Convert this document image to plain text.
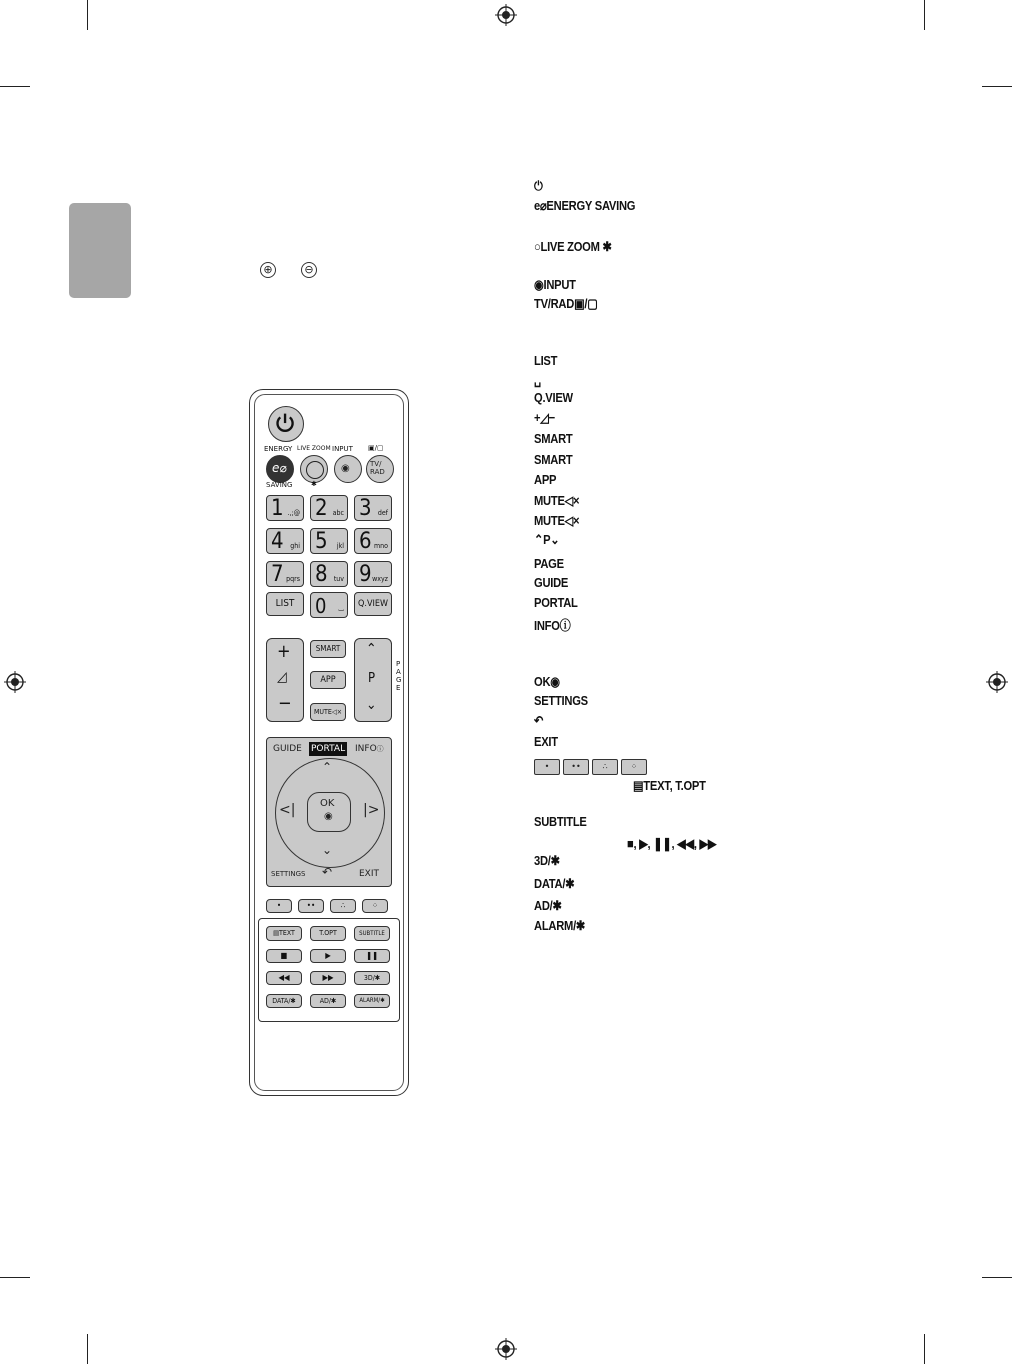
⊕	⊖
ENERGY LIVE ZOOM INPUT ▣/▢
e⌀	◉	TV/
RAD
SAVING	✱
LIST	0 ⌴	Q.VIEW
+
◿
−
SMART
APP
MUTE◁×
⌃
P
⌄
PAGE
GUIDE PORTAL INFOⓘ
⌃
<|	|>
⌄
OK
◉
SETTINGS ↶	EXIT
▤TEXT	T.OPT	SUBTITLE
■	▶	❚❚
◀◀	▶▶	3D/✱
DATA/✱	AD/✱	ALARM/✱
1 .,;@ 2 abc 3 def
4 ghi 5 jkl 6 mno
7 pqrs 8 tuv 9 wxyz
•	••	∴	⁘
⏻
e⌀ENERGY SAVING
○LIVE ZOOM ✱
◉INPUT
TV/RAD▣/▢
LIST
␣
Q.VIEW
+◿−
SMART
SMART
APP
MUTE◁×
MUTE◁×
⌃P⌄
PAGE
GUIDE
PORTAL
INFOⓘ
OK◉
SETTINGS
↶
EXIT
▤TEXT, T.OPT
SUBTITLE
■, ▶, ❚❚, ◀◀, ▶▶
3D/✱
DATA/✱
AD/✱
ALARM/✱
•	••	∴	⁘
